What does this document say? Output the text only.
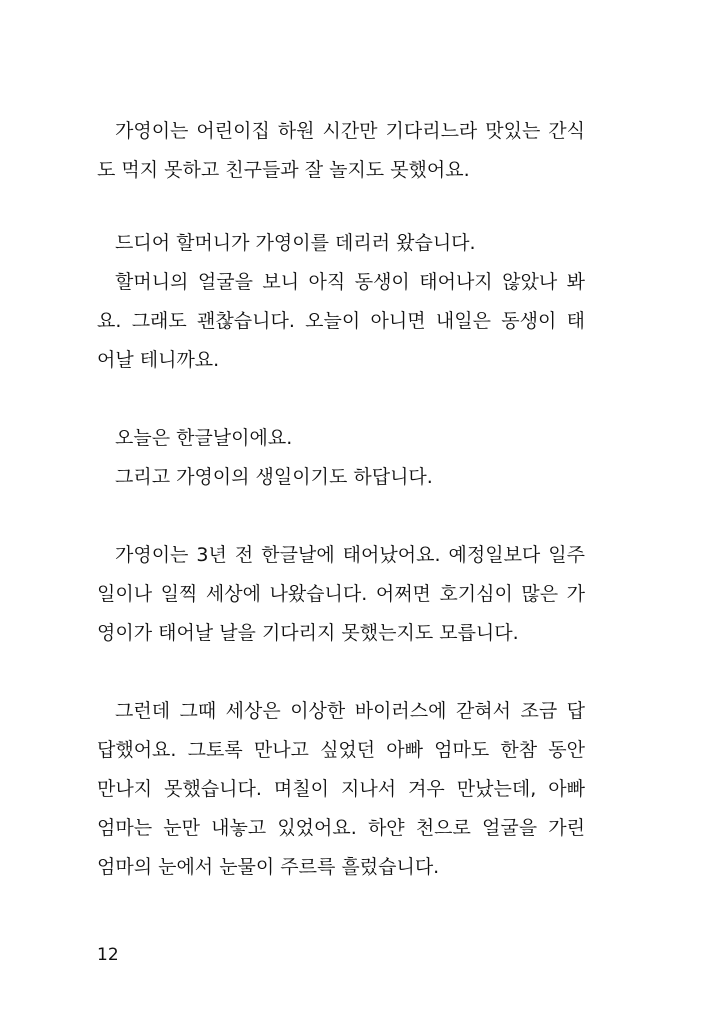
가영이는 어린이집 하원 시간만 기다리느라 맛있는 간식
도 먹지 못하고 친구들과 잘 놀지도 못했어요.
드디어 할머니가 가영이를 데리러 왔습니다.
할머니의 얼굴을 보니 아직 동생이 태어나지 않았나 봐
요. 그래도 괜찮습니다. 오늘이 아니면 내일은 동생이 태
어날 테니까요.
오늘은 한글날이에요.
그리고 가영이의 생일이기도 하답니다.
가영이는 3년 전 한글날에 태어났어요. 예정일보다 일주
일이나 일찍 세상에 나왔습니다. 어쩌면 호기심이 많은 가
영이가 태어날 날을 기다리지 못했는지도 모릅니다.
그런데 그때 세상은 이상한 바이러스에 갇혀서 조금 답
답했어요. 그토록 만나고 싶었던 아빠 엄마도 한참 동안
만나지 못했습니다. 며칠이 지나서 겨우 만났는데, 아빠
엄마는 눈만 내놓고 있었어요. 하얀 천으로 얼굴을 가린
엄마의 눈에서 눈물이 주르륵 흘렀습니다.
12
